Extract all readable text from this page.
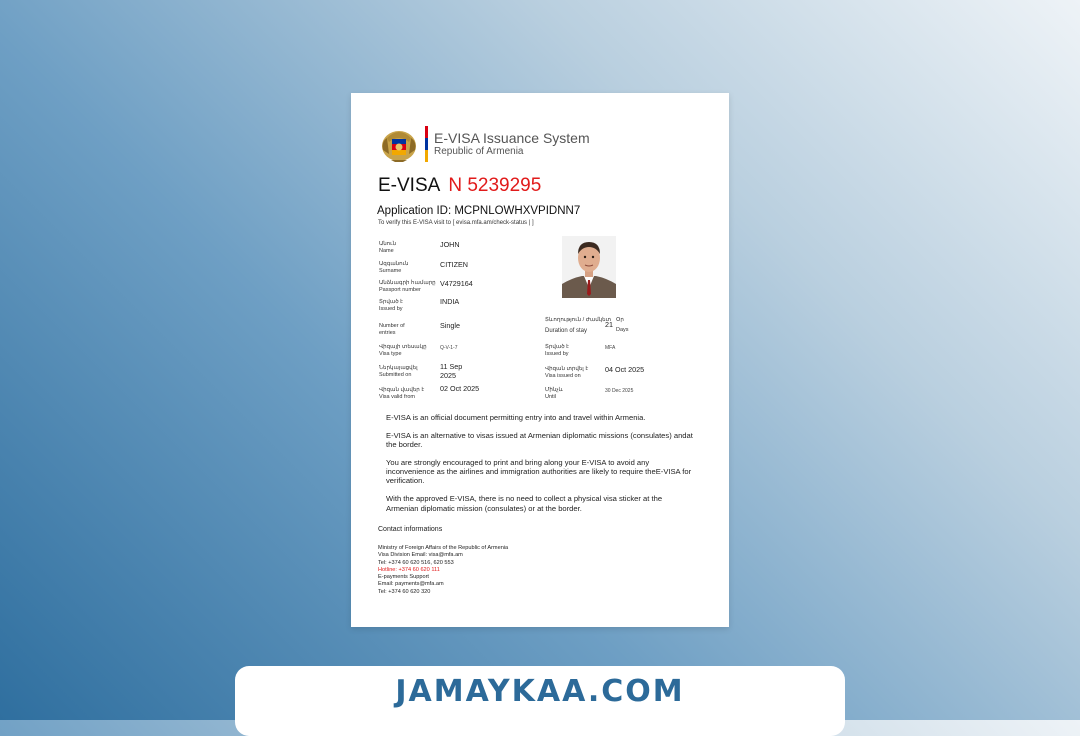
E-VISA Issuance System
Republic of Armenia
E-VISA N 5239295
Application ID: MCPNLOWHXVPIDNN7
To verify this E-VISA visit to [ evisa.mfa.am/check-status | ]
Անուն
Name
JOHN
Ազգանուն
Surname
CITIZEN
Անձնագրի համարը
Passport number
V4729164
Տրված է
Issued by
INDIA
Number of
entries
Single
Վիզայի տեսակը
Visa type
Q-V-1-7
Ներկայացվել
Submitted on
11 Sep
2025
Վիզան վավեր է
Visa valid from
02 Oct 2025
Տևողություն / Ժամկետ
Duration of stay
21 Օր
Days
Տրված է
Issued by
MFA
Վիզան տրվել է
Visa issued on
04 Oct 2025
Մինչև
Until
30 Dec 2025

E-VISA is an official document permitting entry into and travel within Armenia.

E-VISA is an alternative to visas issued at Armenian diplomatic missions (consulates) andat the border.

You are strongly encouraged to print and bring along your E-VISA to avoid any inconvenience as the airlines and immigration authorities are likely to require theE-VISA for verification.

With the approved E-VISA, there is no need to collect a physical visa sticker at the Armenian diplomatic mission (consulates) or at the border.

Contact informations
Ministry of Foreign Affairs of the Republic of Armenia
Visa Division Email: visa@mfa.am
Tel: +374 60 620 516, 620 553
Hotline: +374 60 620 111
E-payments Support
Email: payments@mfa.am
Tel: +374 60 620 320
JAMAYKAA.COM
